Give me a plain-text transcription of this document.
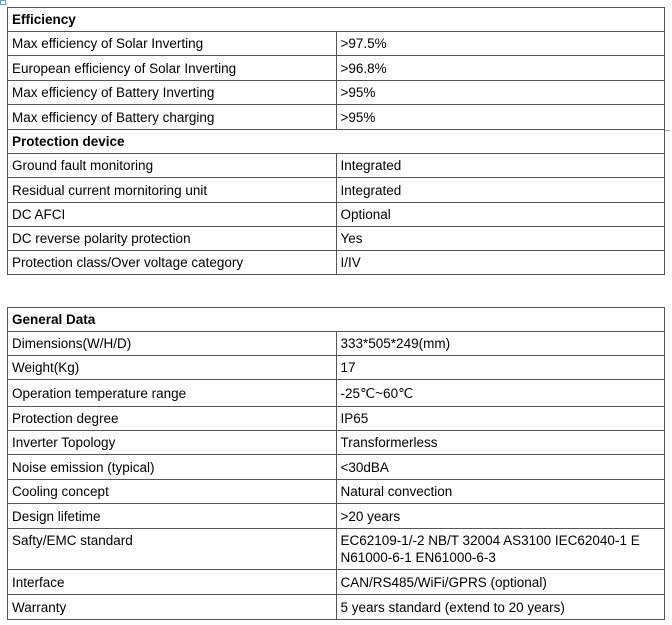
Efficiency	
Max efficiency of Solar Inverting	>97.5%
European efficiency of Solar Inverting	>96.8%
Max efficiency of Battery Inverting	>95%
Max efficiency of Battery charging	>95%
Protection device	
Ground fault monitoring	Integrated
Residual current mornitoring unit	Integrated
DC AFCI	Optional
DC reverse polarity protection	Yes
Protection class/Over voltage category	I/IV
General Data	
Dimensions(W/H/D)	333*505*249(mm)
Weight(Kg)	17
Operation temperature range	-25℃~60℃
Protection degree	IP65
Inverter Topology	Transformerless
Noise emission (typical)	<30dBA
Cooling concept	Natural convection
Design lifetime	>20 years
Safty/EMC standard	EC62109-1/-2 NB/T 32004 AS3100 IEC62040-1 E N61000-6-1 EN61000-6-3
Interface	CAN/RS485/WiFi/GPRS (optional)
Warranty	5 years standard (extend to 20 years)
